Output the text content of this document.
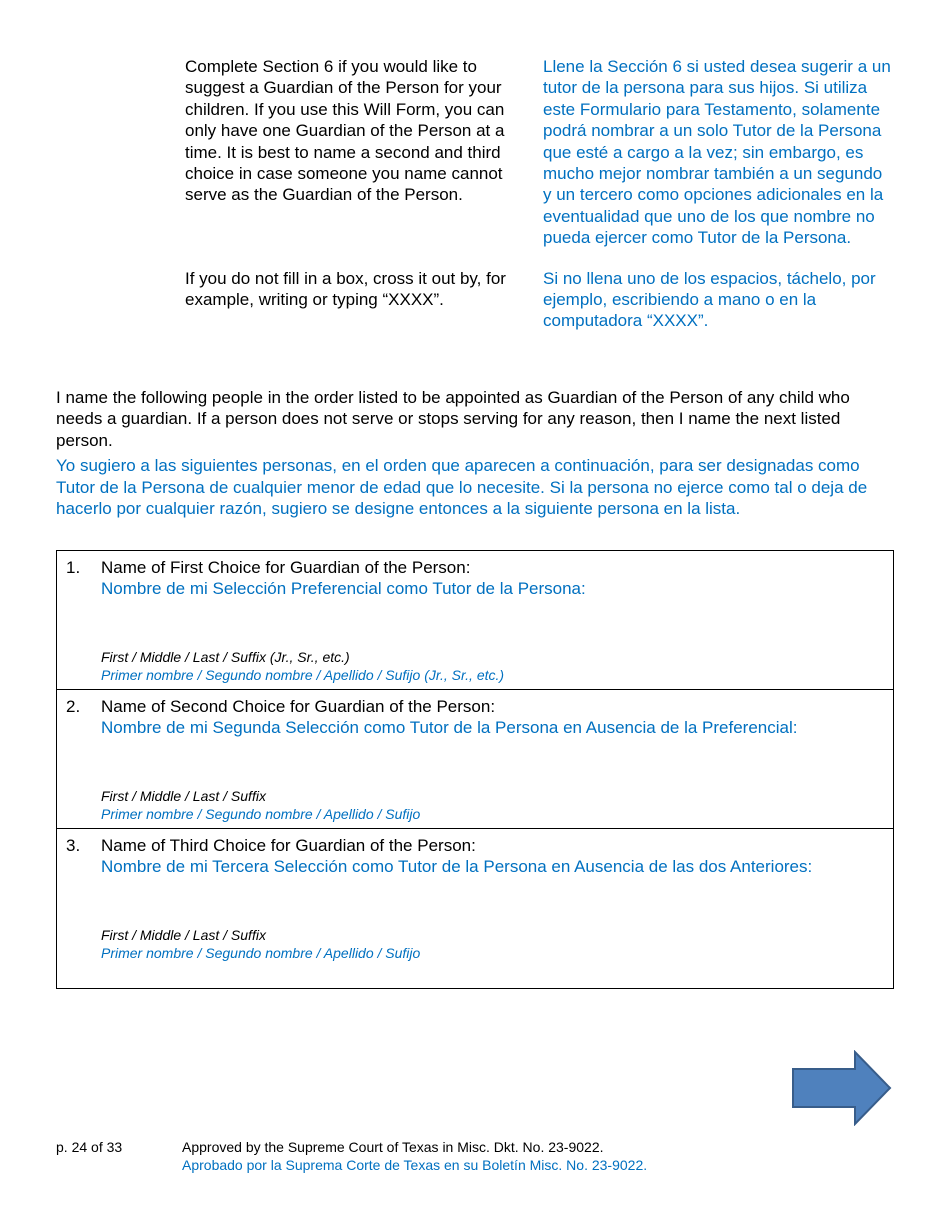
Complete Section 6 if you would like to suggest a Guardian of the Person for your children. If you use this Will Form, you can only have one Guardian of the Person at a time. It is best to name a second and third choice in case someone you name cannot serve as the Guardian of the Person.
Llene la Sección 6 si usted desea sugerir a un tutor de la persona para sus hijos. Si utiliza este Formulario para Testamento, solamente podrá nombrar a un solo Tutor de la Persona que esté a cargo a la vez; sin embargo, es mucho mejor nombrar también a un segundo y un tercero como opciones adicionales en la eventualidad que uno de los que nombre no pueda ejercer como Tutor de la Persona.
If you do not fill in a box, cross it out by, for example, writing or typing “XXXX”.
Si no llena uno de los espacios, táchelo, por ejemplo, escribiendo a mano o en la computadora “XXXX”.
I name the following people in the order listed to be appointed as Guardian of the Person of any child who needs a guardian. If a person does not serve or stops serving for any reason, then I name the next listed person.
Yo sugiero a las siguientes personas, en el orden que aparecen a continuación, para ser designadas como Tutor de la Persona de cualquier menor de edad que lo necesite. Si la persona no ejerce como tal o deja de hacerlo por cualquier razón, sugiero se designe entonces a la siguiente persona en la lista.
1. Name of First Choice for Guardian of the Person:
Nombre de mi Selección Preferencial como Tutor de la Persona:
First / Middle / Last / Suffix (Jr., Sr., etc.)
Primer nombre / Segundo nombre / Apellido / Sufijo (Jr., Sr., etc.)
2. Name of Second Choice for Guardian of the Person:
Nombre de mi Segunda Selección como Tutor de la Persona en Ausencia de la Preferencial:
First / Middle / Last / Suffix
Primer nombre / Segundo nombre / Apellido / Sufijo
3. Name of Third Choice for Guardian of the Person:
Nombre de mi Tercera Selección como Tutor de la Persona en Ausencia de las dos Anteriores:
First / Middle / Last / Suffix
Primer nombre / Segundo nombre / Apellido / Sufijo
p. 24 of 33	Approved by the Supreme Court of Texas in Misc. Dkt. No. 23-9022.
Aprobado por la Suprema Corte de Texas en su Boletín Misc. No. 23-9022.
